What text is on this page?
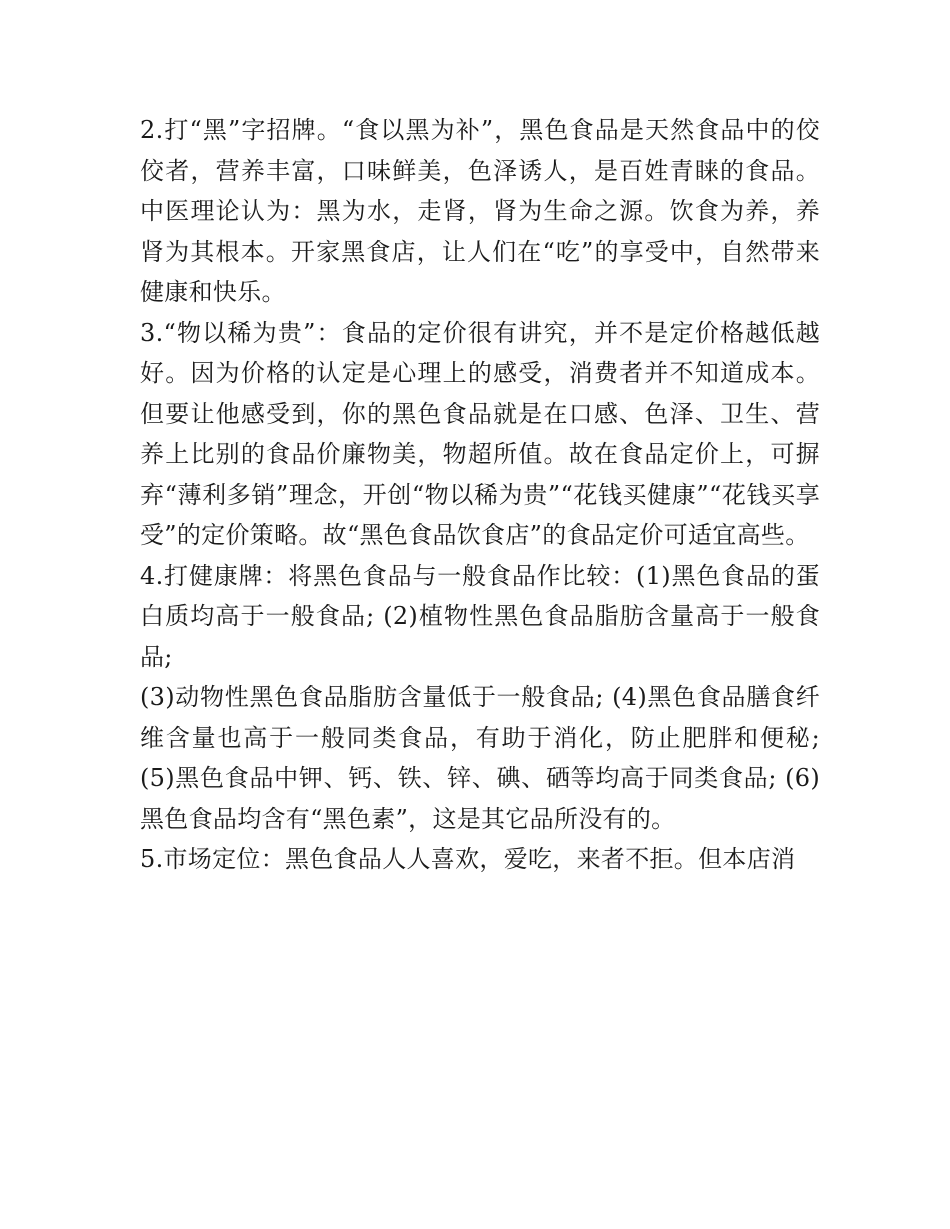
2.打“黑”字招牌。“食以黑为补”，黑色食品是天然食品中的佼佼者，营养丰富，口味鲜美，色泽诱人，是百姓青睐的食品。中医理论认为：黑为水，走肾，肾为生命之源。饮食为养，养肾为其根本。开家黑食店，让人们在“吃”的享受中，自然带来健康和快乐。

3.“物以稀为贵”：食品的定价很有讲究，并不是定价格越低越好。因为价格的认定是心理上的感受，消费者并不知道成本。但要让他感受到，你的黑色食品就是在口感、色泽、卫生、营养上比别的食品价廉物美，物超所值。故在食品定价上，可摒弃“薄利多销”理念，开创“物以稀为贵”“花钱买健康”“花钱买享受”的定价策略。故“黑色食品饮食店”的食品定价可适宜高些。

4.打健康牌：将黑色食品与一般食品作比较：(1)黑色食品的蛋白质均高于一般食品; (2)植物性黑色食品脂肪含量高于一般食品;

(3)动物性黑色食品脂肪含量低于一般食品; (4)黑色食品膳食纤维含量也高于一般同类食品，有助于消化，防止肥胖和便秘; (5)黑色食品中钾、钙、铁、锌、碘、硒等均高于同类食品; (6)黑色食品均含有“黑色素”，这是其它品所没有的。

5.市场定位：黑色食品人人喜欢，爱吃，来者不拒。但本店消
